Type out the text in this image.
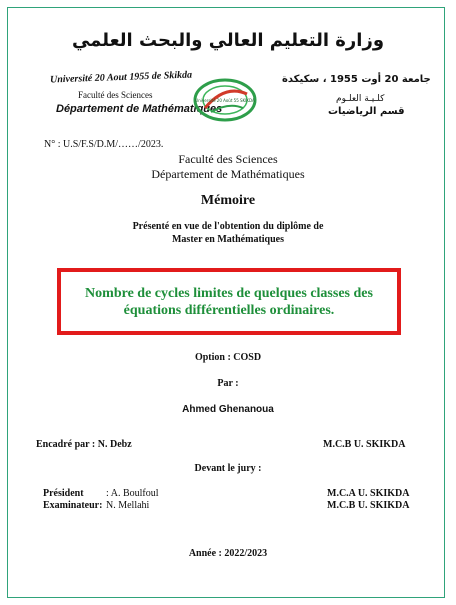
وزارة التعليم العالي والبحث العلمي
Université 20 Aout 1955 de Skikda
Faculté des Sciences
Département de Mathématiques
Université 20 Août 55 SKIKDA
جامعة 20 أوت 1955 ، سكيكدة
كلـيـة العلـوم
قسم الرياضيات
N° : U.S/F.S/D.M/……/2023.
Faculté des Sciences
Département de Mathématiques
Mémoire
Présenté en vue de l'obtention du diplôme de
Master en Mathématiques
Nombre de cycles limites de quelques classes des
équations différentielles ordinaires.
Option : COSD
Par :
Ahmed Ghenanoua
Encadré par : N. Debz	M.C.B U. SKIKDA
Devant le jury :
Président : A. Boulfoul	M.C.A U. SKIKDA
Examinateur: N. Mellahi	M.C.B U. SKIKDA
Année : 2022/2023
